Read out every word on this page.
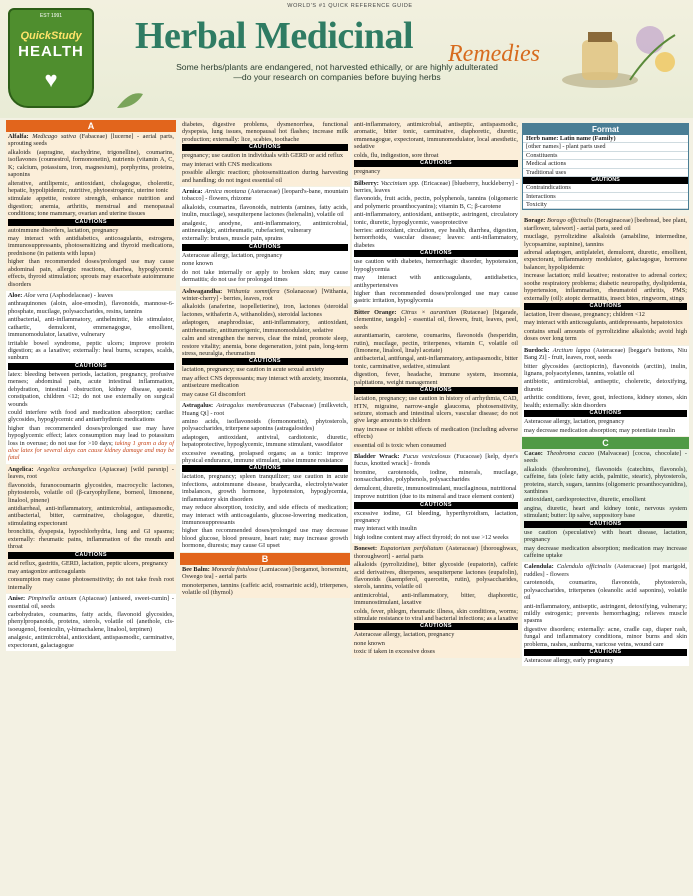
EST 1991
QuickStudy
HEALTH
♥
WORLD'S #1 QUICK REFERENCE GUIDE
Herbal Medicinal Remedies
Some herbs/plants are endangered, not harvested ethically, or are highly adulterated—do your research on companies before buying herbs
A

Alfalfa: Medicago sativa (Fabaceae) [lucerne] - aerial parts, sprouting seeds

alkaloids (aspragine, stachydrine, trigonelline), coumarins, isoflavones (coumestrol, formononetin), nutrients (vitamin A, C, K; calcium, potassium, iron, magnesium), porphyrins, proteins, saponins

alterative, antilipemic, antioxidant, cholagogue, choleretic, hepatic, hypolipidemic, nutritive, phytoestrogenic, uterine tonic

stimulate appetite, restore strength, enhance nutrition and digestion; anemia, arthritis, menstrual and menopausal conditions; tone mammary, ovarian and uterine tissues

CAUTIONS

autoimmune disorders, lactation, pregnancy

may interact with antidiabetics, anticoagulants, estrogens, immunosuppressants, photosensitizing and thyroid medications, prednisone (in patients with lupus)

higher than recommended doses/prolonged use may cause abdominal pain, allergic reactions, diarrhea, hypoglycemic effects, thyroid stimulation; sprouts may exacerbate autoimmune disorders

Aloe: Aloe vera (Asphodelaceae) - leaves

anthraquinones (aloin, aloe-emodin), flavonoids, mannose-6-phosphate, mucilage, polysaccharides, resins, tannins

antibacterial, anti-inflammatory, anthelmintic, bile stimulator, cathartic, demulcent, emmenagogue, emollient, immunomodulator, laxative, vulnerary

irritable bowel syndrome, peptic ulcers; improve protein digestion; as a laxative; externally: heal burns, scrapes, scalds, sunburn

CAUTIONS

latex: bleeding between periods, lactation, pregnancy, profusive menses; abdominal pain, acute intestinal inflammation, dehydration, intestinal obstruction, kidney disease, spastic constipation, children <12; do not use externally on surgical wounds

could interfere with food and medication absorption; cardiac glycosides, hypoglycemic and antiarrhythmic medications

higher than recommended doses/prolonged use may have hypoglycemic effect; latex consumption may lead to potassium loss in overuse; do not use for >10 days; taking 1 gram a day of aloe latex for several days can cause kidney damage and may be fatal

Angelica: Angelica archangelica (Apiaceae) [wild parsnip] - leaves, root

flavonoids, furanocoumarin glycosides, macrocyclic lactones, phytosterols, volatile oil (β-caryophyllene, borneol, limonene, linalool, pinene)

antidiarrheal, anti-inflammatory, antimicrobial, antispasmodic, antibacterial, bitter, carminative, cholagogue, diuretic, stimulating expectorant

bronchitis, dyspepsia, hypochlorhydria, lung and GI spasms; externally: rheumatic pains, inflammation of the mouth and throat

CAUTIONS

acid reflux, gastritis, GERD, lactation, peptic ulcers, pregnancy

may antagonize anticoagulants

consumption may cause photosensitivity; do not take fresh root internally

Anise: Pimpinella anisum (Apiaceae) [aniseed, sweet-cumin] - essential oil, seeds

carbohydrates, coumarins, fatty acids, flavonoid glycosides, phenylpropanoids, proteins, sterols, volatile oil (anethole, cis-isoeugenol, foeniculin, γ-himachalene, linalool, terpinen)

analgesic, antimicrobial, antioxidant, antispasmodic, carminative, expectorant, galactagogue

diabetes, digestive problems, dysmenorrhea, functional dyspepsia, lung issues, menopausal hot flashes; increase milk production; externally: lice, scabies, toothache

CAUTIONS

pregnancy; use caution in individuals with GERD or acid reflux

may interact with CNS medications

possible allergic reaction; photosensitization during harvesting and handling; do not ingest essential oil

Arnica: Arnica montana (Asteraceae) [leopard's-bane, mountain tobacco] - flowers, rhizome

alkaloids, coumarins, flavonoids, nutrients (amines, fatty acids, inulin, mucilage), sesquiterpene lactones (helenalin), volatile oil

analgesic, anodyne, anti-inflammatory, antimicrobial, antineuralgic, antirheumatic, rubefacient, vulnerary

externally: bruises, muscle pain, sprains

CAUTIONS

Asteraceae allergy, lactation, pregnancy

none known

do not take internally or apply to broken skin; may cause dermatitis; do not use for prolonged times

Ashwagandha: Withania somnifera (Solanaceae) [Withania, winter-cherry] - berries, leaves, root

alkaloids (anaferine, isopelletierine), iron, lactones (steroidal lactones, withaferin A, withanolides), steroidal lactones

adaptogen, anaphrodisiac, anti-inflammatory, antioxidant, antirheumatic, antitumorigenic, immunomodulator, sedative

calm and strengthen the nerves, clear the mind, promote sleep, restore vitality; anemia, bone degeneration, joint pain, long-term stress, neuralgia, rheumatism

CAUTIONS

lactation, pregnancy; use caution in acute sexual anxiety

may affect CNS depressants; may interact with anxiety, insomnia, antiseizure medication

may cause GI discomfort

Astragalus: Astragalus membranaceus (Fabaceae) [milkvetch, Huang Qi] - root

amino acids, isoflavonoids (formononetin), phytosterols, polysaccharides, triterpene saponins (astragalosides)

adaptogen, antioxidant, antiviral, cardiotonic, diuretic, hepatoprotective, hypoglycemic, immune stimulant, vasodilator

excessive sweating, prolapsed organs; as a tonic: improve physical endurance, immune stimulant, raise immune resistance

CAUTIONS

lactation, pregnancy; spleen tranquilizer; use caution in acute infections, autoimmune disease, bradycardia, electrolyte/water imbalances, growth hormone, hypotension, hypoglycemia, inflammatory skin disorders

may reduce absorption, toxicity, and side effects of medication; may interact with anticoagulants, glucose-lowering medication, immunosuppressants

higher than recommended doses/prolonged use may decrease blood glucose, blood pressure, heart rate; may increase growth hormone, diuresis; may cause GI upset

B

Bee Balm: Monarda fistulosa (Lamiaceae) [bergamot, horsemint, Oswego tea] - aerial parts

monoterpenes, tannins (caffeic acid, rosmarinic acid), triterpenes, volatile oil (thymol)

anti-inflammatory, antimicrobial, antiseptic, antispasmodic, aromatic, bitter tonic, carminative, diaphoretic, diuretic, emmenagogue, expectorant, immunomodulator, local anesthetic, sedative

colds, flu, indigestion, sore throat

CAUTIONS

pregnancy

Bilberry: Vaccinium spp. (Ericaceae) [blueberry, huckleberry] - berries, leaves

flavonoids, fruit acids, pectin, polyphenols, tannins (oligomeric and polymeric proanthocyanins); vitamin B, C; β-carotene

anti-inflammatory, antioxidant, antiseptic, astringent, circulatory tonic, diuretic, hypoglycemic, vasoprotective

berries: antioxidant, circulation, eye health, diarrhea, digestion, hemorrhoids, vascular disease; leaves: anti-inflammatory, diabetes

CAUTIONS

use caution with diabetes, hemorrhagic disorder, hypotension, hypoglycemia

may interact with anticoagulants, antidiabetics, antihypertensives

higher than recommended doses/prolonged use may cause gastric irritation, hypoglycemia

Bitter Orange: Citrus × aurantium (Rutaceae) [bigarade, clementine, tangelo] - essential oil, flowers, fruit, leaves, peel, seeds

aurantiamarin, carotene, coumarins, flavonoids (hesperidin, rutin), mucilage, pectin, triterpenes, vitamin C, volatile oil (limonene, linalool, linalyl acetate)

antibacterial, antifungal, anti-inflammatory, antispasmodic, bitter tonic, carminative, sedative, stimulant

digestion, fever, headache, immune system, insomnia, palpitations, weight management

CAUTIONS

lactation, pregnancy; use caution in history of arrhythmia, CAD, HTN, migraine, narrow-angle glaucoma, photosensitivity, seizure, stomach and intestinal ulcers, vascular disease; do not give large amounts to children

may increase or inhibit effects of medication (including adverse effects)

essential oil is toxic when consumed

Bladder Wrack: Fucus vesiculosus (Fucaceae) [kelp, dyer's fucus, knotted wrack] - fronds

bromine, carotenoids, iodine, minerals, mucilage, nonsaccharides, polyphenols, polysaccharides

demulcent, diuretic, immunostimulant, mucilaginous, nutritional

improve nutrition (due to its mineral and trace element content)

CAUTIONS

excessive iodine, GI bleeding, hyperthyroidism, lactation, pregnancy

may interact with insulin

high iodine content may affect thyroid; do not use >12 weeks

Boneset: Eupatorium perfoliatum (Asteraceae) [thoroughwax, thoroughwort] - aerial parts

alkaloids (pyrrolizidine), bitter glycoside (eupatorin), caffeic acid derivatives, diterpenes, sesquiterpene lactones (eupafolin), flavonoids (kaempferol, quercetin, rutin), polysaccharides, sterols, tannins, volatile oil

antimicrobial, anti-inflammatory, bitter, diaphoretic, immunostimulant, laxative

colds, fever, phlegm, rheumatic illness, skin conditions, worms; stimulate resistance to viral and bacterial infections; as a laxative

CAUTIONS

Asteraceae allergy, lactation, pregnancy

none known

toxic if taken in excessive doses

Format
Herb name: Latin name (Family)
[other names] - plant parts used
Constituents
Medical actions
Traditional uses
CAUTIONS
Contraindications
Interactions
Toxicity

Borage: Borago officinalis (Boraginaceae) [beebread, bee plant, starflower, talewort] - aerial parts, seed oil

mucilage, pyrrolizidine alkaloids (amabiline, intermedine, lycopsamine, supinine), tannins

adrenal adaptogen, antiplatelet, demulcent, diuretic, emollient, expectorant, inflammatory modulator, galactagogue, hormone balancer, hypolipidemic

increase lactation; mild laxative; restorative to adrenal cortex; soothe respiratory problems; diabetic neuropathy, dyslipidemia, hypertension, inflammation, rheumatoid arthritis, PMS; externally (oil): atopic dermatitis, insect bites, ringworm, stings

CAUTIONS

lactation, liver disease, pregnancy; children <12

may interact with anticoagulants, antidepressants, hepatotoxics

contains small amounts of pyrrolizidine alkaloids; avoid high doses over long term

Burdock: Arctium lappa (Asteraceae) [beggar's buttons, Niu Bang Zi] - fruit, leaves, root, seeds

bitter glycosides (arctiopicrin), flavonoids (arctiin), inulin, lignans, polyacetylenes, tannins, volatile oil

antibiotic, antimicrobial, antiseptic, choleretic, detoxifying, diuretic

arthritic conditions, fever, gout, infections, kidney stones, skin health; externally: skin disorders

CAUTIONS

Asteraceae allergy, lactation, pregnancy

may decrease medication absorption; may potentiate insulin

C

Cacao: Theobroma cacao (Malvaceae) [cocoa, chocolate] - seeds

alkaloids (theobromine), flavonoids (catechins, flavonols), caffeine, fats (oleic fatty acids, palmitic, stearic), phytosterols, proteins, starch, sugars, tannins (oligomeric proanthocyanidins), xanthines

antioxidant, cardioprotective, diuretic, emollient

angina, diuretic, heart and kidney tonic, nervous system stimulant; butter: lip salve, suppository base

CAUTIONS

use caution (speculative) with heart disease, lactation, pregnancy

may decrease medication absorption; medication may increase caffeine uptake

Calendula: Calendula officinalis (Asteraceae) [pot marigold, ruddles] - flowers

carotenoids, coumarins, flavonoids, phytosterols, polysaccharides, triterpenes (oleanolic acid saponins), volatile oil

anti-inflammatory, antiseptic, astringent, detoxifying, vulnerary; mildly estrogenic; prevents hemorrhaging; relieves muscle spasms

digestive disorders; externally: acne, cradle cap, diaper rash, fungal and inflammatory conditions, minor burns and skin problems, rashes, sunburns, varicose veins, wound care

CAUTIONS

Asteraceae allergy, early pregnancy
